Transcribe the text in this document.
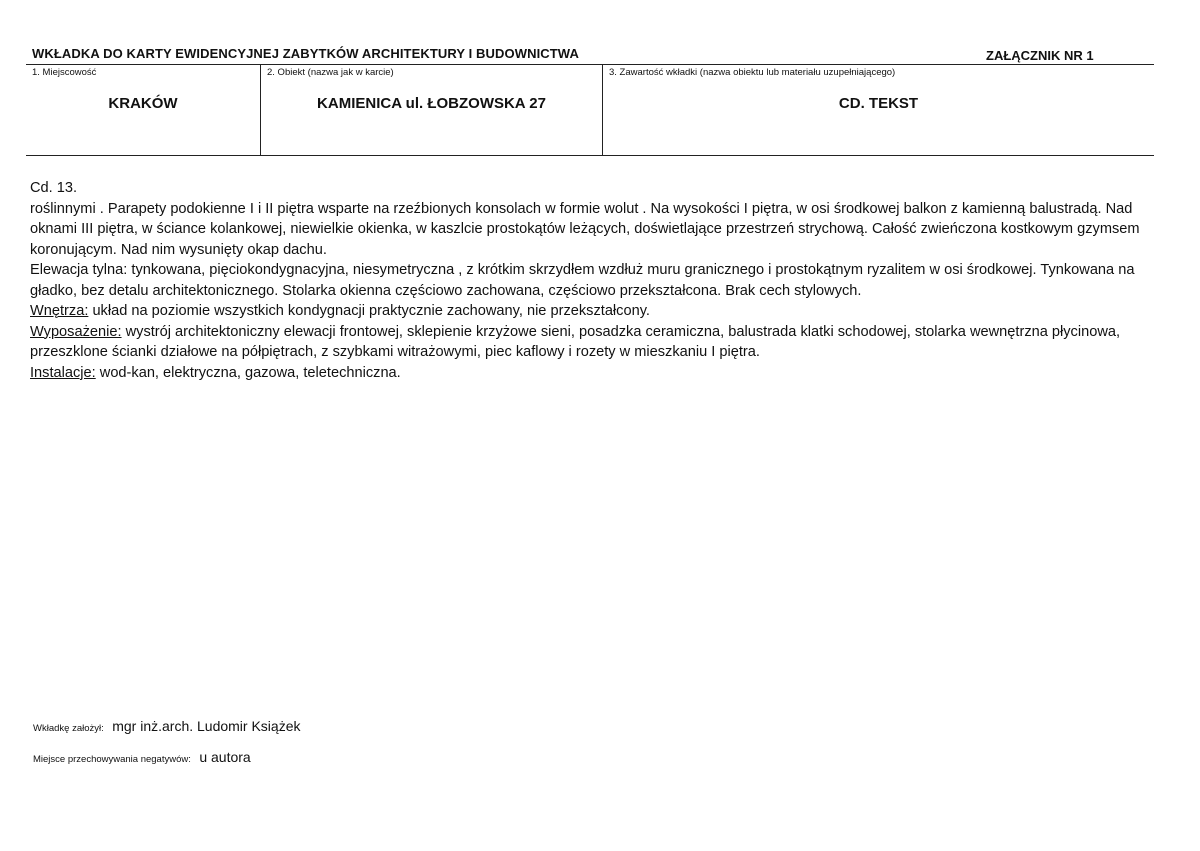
WKŁADKA DO KARTY EWIDENCYJNEJ ZABYTKÓW ARCHITEKTURY I BUDOWNICTWA	ZAŁĄCZNIK NR 1
1. Miejscowość
KRAKÓW
2. Obiekt (nazwa jak w karcie)
KAMIENICA ul. ŁOBZOWSKA 27
3. Zawartość wkładki (nazwa obiektu lub materiału uzupełniającego)
CD. TEKST

Cd. 13.

roślinnymi . Parapety podokienne I i II piętra wsparte na rzeźbionych konsolach w formie wolut . Na wysokości I piętra, w osi środkowej balkon z kamienną balustradą. Nad oknami III piętra, w ściance kolankowej, niewielkie okienka, w kaszlcie prostokątów leżących, doświetlające przestrzeń strychową. Całość zwieńczona kostkowym gzymsem koronującym. Nad nim wysunięty okap dachu.

Elewacja tylna: tynkowana, pięciokondygnacyjna, niesymetryczna , z krótkim skrzydłem wzdłuż muru granicznego i prostokątnym ryzalitem w osi środkowej. Tynkowana na gładko, bez detalu architektonicznego. Stolarka okienna częściowo zachowana, częściowo przekształcona. Brak cech stylowych.

Wnętrza: układ na poziomie wszystkich kondygnacji praktycznie zachowany, nie przekształcony.

Wyposażenie: wystrój architektoniczny elewacji frontowej, sklepienie krzyżowe sieni, posadzka ceramiczna, balustrada klatki schodowej, stolarka wewnętrzna płycinowa, przeszklone ścianki działowe na półpiętrach, z szybkami witrażowymi, piec kaflowy i rozety w mieszkaniu I piętra.

Instalacje: wod-kan, elektryczna, gazowa, teletechniczna.

Wkładkę założył: mgr inż.arch. Ludomir Książek
Miejsce przechowywania negatywów: u autora
